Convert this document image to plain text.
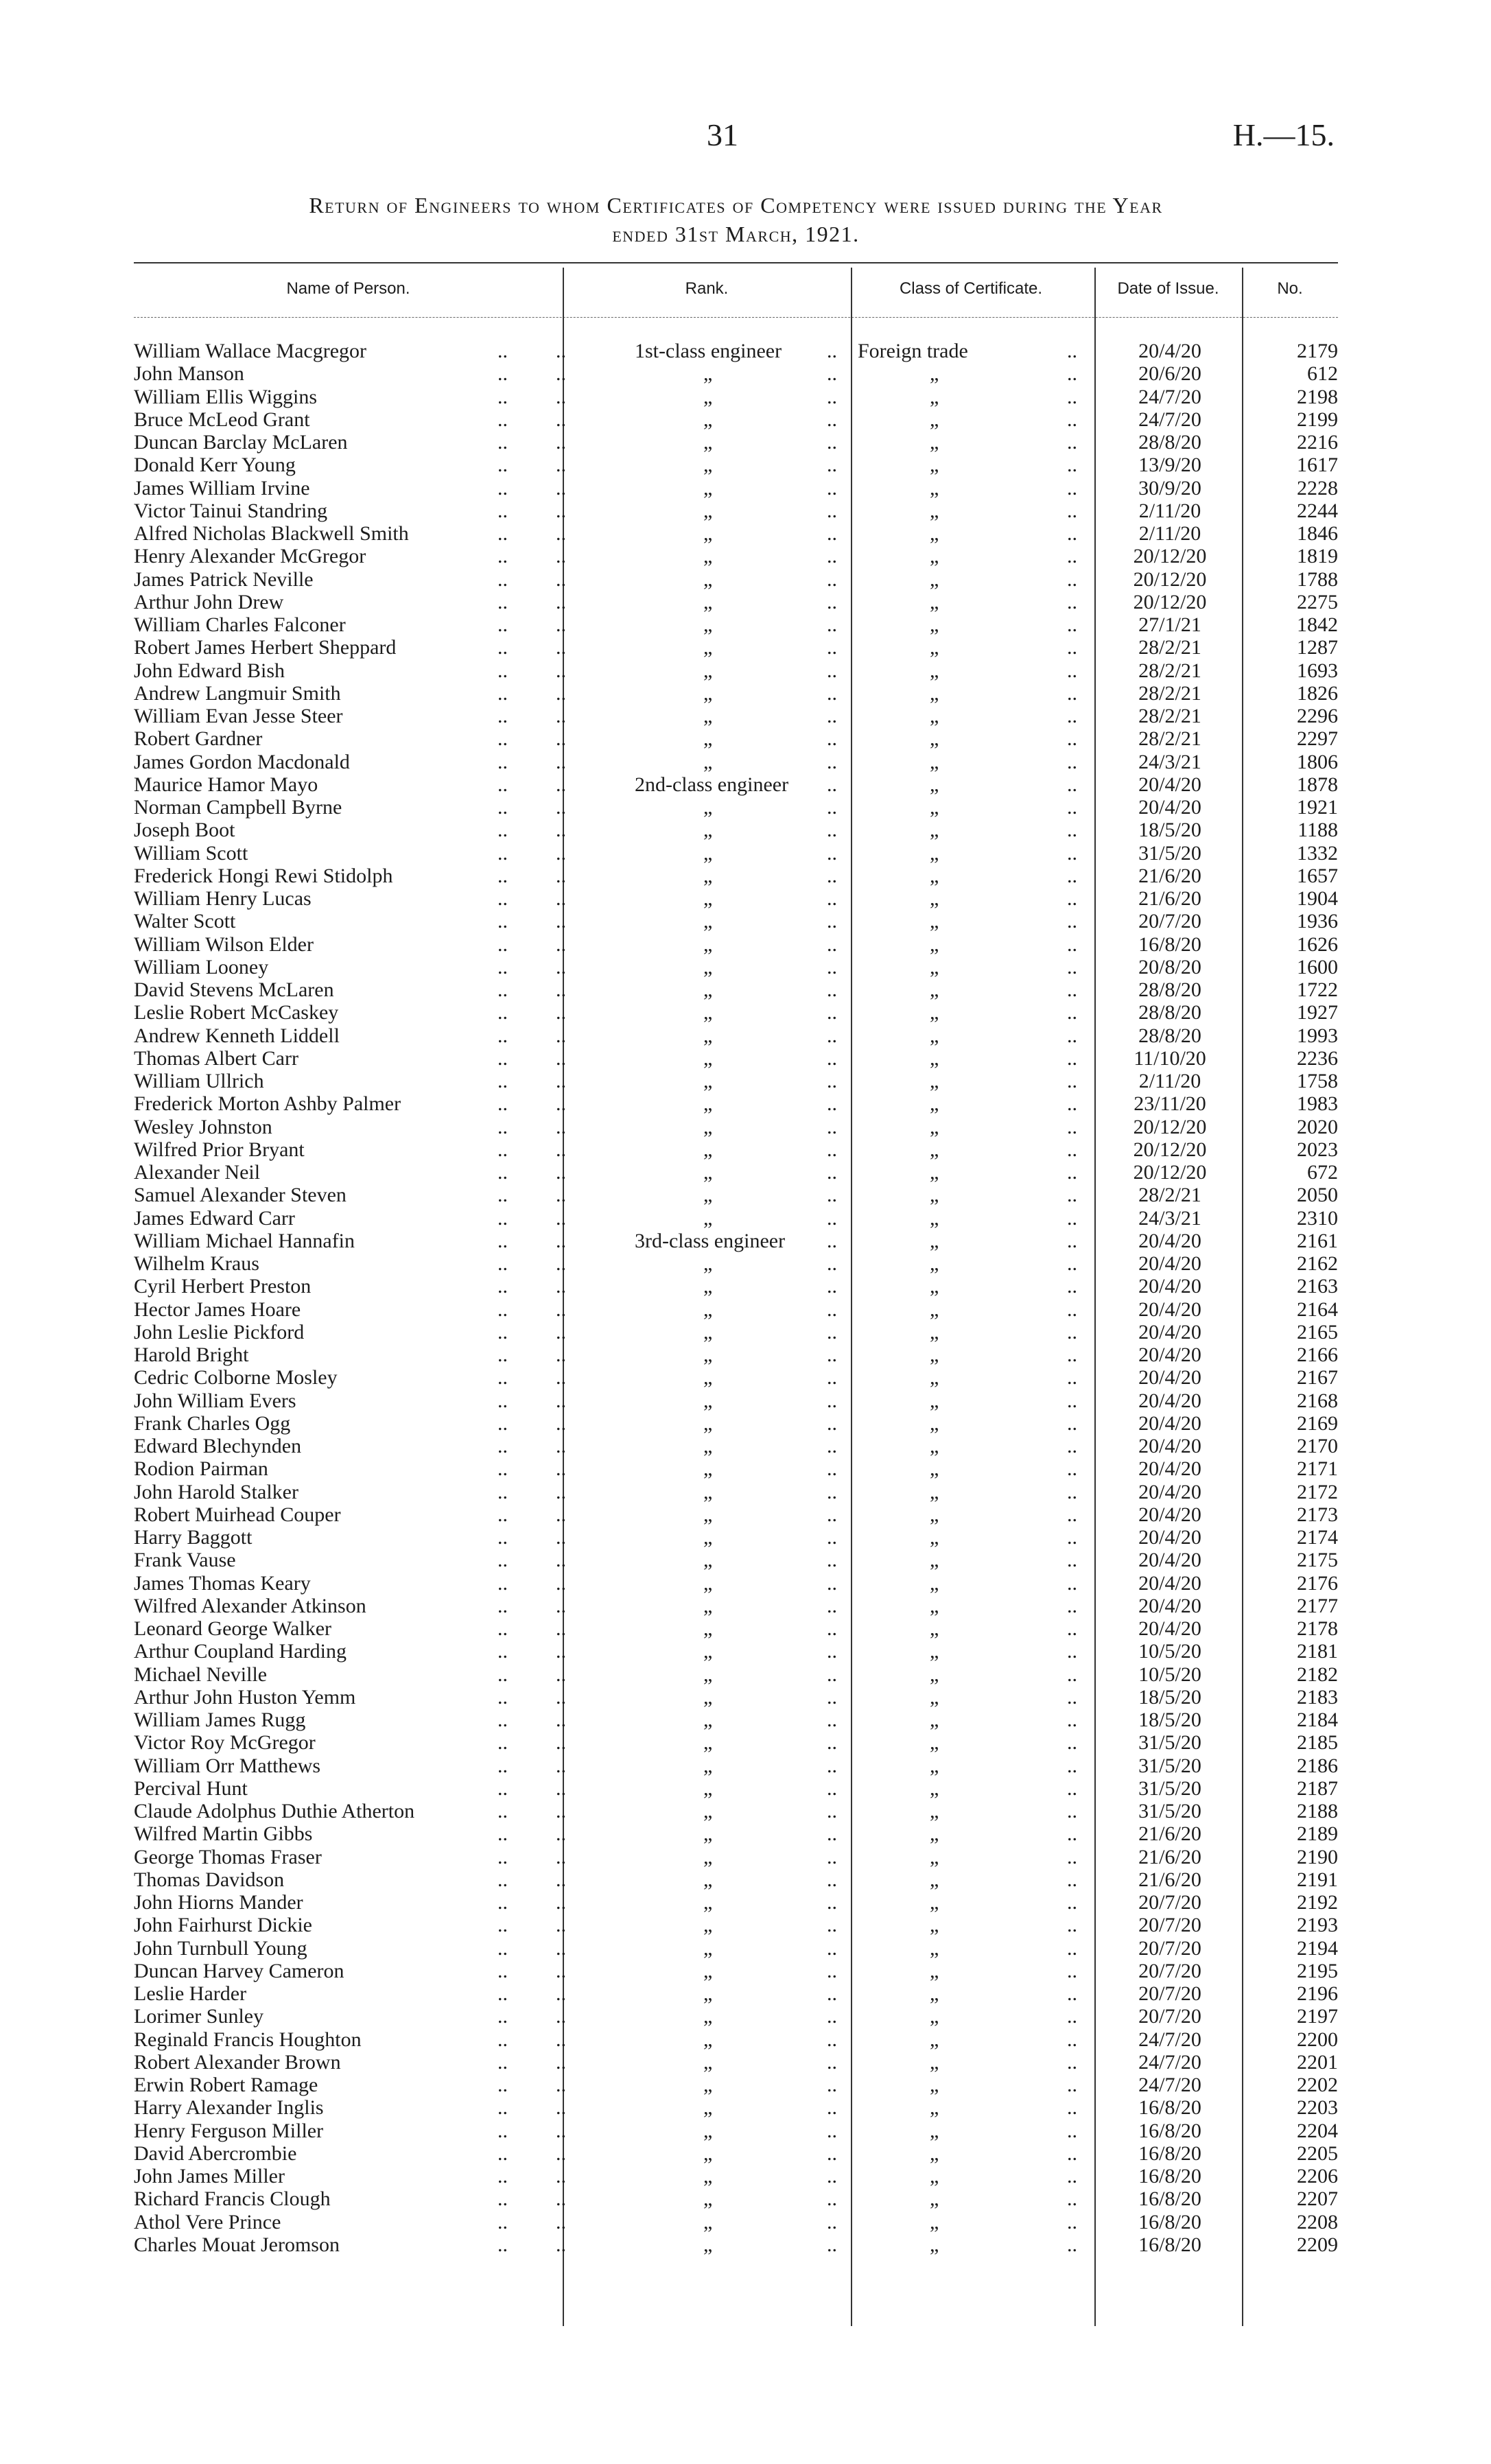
31	H.—15.
Return of Engineers to whom Certificates of Competency were issued during the Year
ended 31st March, 1921.
Name of Person.	Rank.	Class of Certificate.	Date of Issue.	No.
William Wallace Macgregor	.. ..	1st-class engineer .. Foreign trade	..	20/4/20	2179
John Manson	.. ..	„	..	„	..	20/6/20	612
William Ellis Wiggins	.. ..	„	..	„	..	24/7/20	2198
Bruce McLeod Grant	.. ..	„	..	„	..	24/7/20	2199
Duncan Barclay McLaren	.. ..	„	..	„	..	28/8/20	2216
Donald Kerr Young	.. ..	„	..	„	..	13/9/20	1617
James William Irvine	.. ..	„	..	„	..	30/9/20	2228
Victor Tainui Standring	.. ..	„	..	„	..	2/11/20	2244
Alfred Nicholas Blackwell Smith	.. ..	„	..	„	..	2/11/20	1846
Henry Alexander McGregor	.. ..	„	..	„	..	20/12/20	1819
James Patrick Neville	.. ..	„	..	„	..	20/12/20	1788
Arthur John Drew	.. ..	„	..	„	..	20/12/20	2275
William Charles Falconer	.. ..	„	..	„	..	27/1/21	1842
Robert James Herbert Sheppard	.. ..	„	..	„	..	28/2/21	1287
John Edward Bish	.. ..	„	..	„	..	28/2/21	1693
Andrew Langmuir Smith	.. ..	„	..	„	..	28/2/21	1826
William Evan Jesse Steer	.. ..	„	..	„	..	28/2/21	2296
Robert Gardner	.. ..	„	..	„	..	28/2/21	2297
James Gordon Macdonald	.. ..	„	..	„	..	24/3/21	1806
Maurice Hamor Mayo	.. ..	2nd-class engineer ..	„	..	20/4/20	1878
Norman Campbell Byrne	.. ..	„	..	„	..	20/4/20	1921
Joseph Boot	.. ..	„	..	„	..	18/5/20	1188
William Scott	.. ..	„	..	„	..	31/5/20	1332
Frederick Hongi Rewi Stidolph	.. ..	„	..	„	..	21/6/20	1657
William Henry Lucas	.. ..	„	..	„	..	21/6/20	1904
Walter Scott	.. ..	„	..	„	..	20/7/20	1936
William Wilson Elder	.. ..	„	..	„	..	16/8/20	1626
William Looney	.. ..	„	..	„	..	20/8/20	1600
David Stevens McLaren	.. ..	„	..	„	..	28/8/20	1722
Leslie Robert McCaskey	.. ..	„	..	„	..	28/8/20	1927
Andrew Kenneth Liddell	.. ..	„	..	„	..	28/8/20	1993
Thomas Albert Carr	.. ..	„	..	„	..	11/10/20	2236
William Ullrich	.. ..	„	..	„	..	2/11/20	1758
Frederick Morton Ashby Palmer	.. ..	„	..	„	..	23/11/20	1983
Wesley Johnston	.. ..	„	..	„	..	20/12/20	2020
Wilfred Prior Bryant	.. ..	„	..	„	..	20/12/20	2023
Alexander Neil	.. ..	„	..	„	..	20/12/20	672
Samuel Alexander Steven	.. ..	„	..	„	..	28/2/21	2050
James Edward Carr	.. ..	„	..	„	..	24/3/21	2310
William Michael Hannafin	.. ..	3rd-class engineer ..	„	..	20/4/20	2161
Wilhelm Kraus	.. ..	„	..	„	..	20/4/20	2162
Cyril Herbert Preston	.. ..	„	..	„	..	20/4/20	2163
Hector James Hoare	.. ..	„	..	„	..	20/4/20	2164
John Leslie Pickford	.. ..	„	..	„	..	20/4/20	2165
Harold Bright	.. ..	„	..	„	..	20/4/20	2166
Cedric Colborne Mosley	.. ..	„	..	„	..	20/4/20	2167
John William Evers	.. ..	„	..	„	..	20/4/20	2168
Frank Charles Ogg	.. ..	„	..	„	..	20/4/20	2169
Edward Blechynden	.. ..	„	..	„	..	20/4/20	2170
Rodion Pairman	.. ..	„	..	„	..	20/4/20	2171
John Harold Stalker	.. ..	„	..	„	..	20/4/20	2172
Robert Muirhead Couper	.. ..	„	..	„	..	20/4/20	2173
Harry Baggott	.. ..	„	..	„	..	20/4/20	2174
Frank Vause	.. ..	„	..	„	..	20/4/20	2175
James Thomas Keary	.. ..	„	..	„	..	20/4/20	2176
Wilfred Alexander Atkinson	.. ..	„	..	„	..	20/4/20	2177
Leonard George Walker	.. ..	„	..	„	..	20/4/20	2178
Arthur Coupland Harding	.. ..	„	..	„	..	10/5/20	2181
Michael Neville	.. ..	„	..	„	..	10/5/20	2182
Arthur John Huston Yemm	.. ..	„	..	„	..	18/5/20	2183
William James Rugg	.. ..	„	..	„	..	18/5/20	2184
Victor Roy McGregor	.. ..	„	..	„	..	31/5/20	2185
William Orr Matthews	.. ..	„	..	„	..	31/5/20	2186
Percival Hunt	.. ..	„	..	„	..	31/5/20	2187
Claude Adolphus Duthie Atherton	.. ..	„	..	„	..	31/5/20	2188
Wilfred Martin Gibbs	.. ..	„	..	„	..	21/6/20	2189
George Thomas Fraser	.. ..	„	..	„	..	21/6/20	2190
Thomas Davidson	.. ..	„	..	„	..	21/6/20	2191
John Hiorns Mander	.. ..	„	..	„	..	20/7/20	2192
John Fairhurst Dickie	.. ..	„	..	„	..	20/7/20	2193
John Turnbull Young	.. ..	„	..	„	..	20/7/20	2194
Duncan Harvey Cameron	.. ..	„	..	„	..	20/7/20	2195
Leslie Harder	.. ..	„	..	„	..	20/7/20	2196
Lorimer Sunley	.. ..	„	..	„	..	20/7/20	2197
Reginald Francis Houghton	.. ..	„	..	„	..	24/7/20	2200
Robert Alexander Brown	.. ..	„	..	„	..	24/7/20	2201
Erwin Robert Ramage	.. ..	„	..	„	..	24/7/20	2202
Harry Alexander Inglis	.. ..	„	..	„	..	16/8/20	2203
Henry Ferguson Miller	.. ..	„	..	„	..	16/8/20	2204
David Abercrombie	.. ..	„	..	„	..	16/8/20	2205
John James Miller	.. ..	„	..	„	..	16/8/20	2206
Richard Francis Clough	.. ..	„	..	„	..	16/8/20	2207
Athol Vere Prince	.. ..	„	..	„	..	16/8/20	2208
Charles Mouat Jeromson	.. ..	„	..	„	..	16/8/20	2209
